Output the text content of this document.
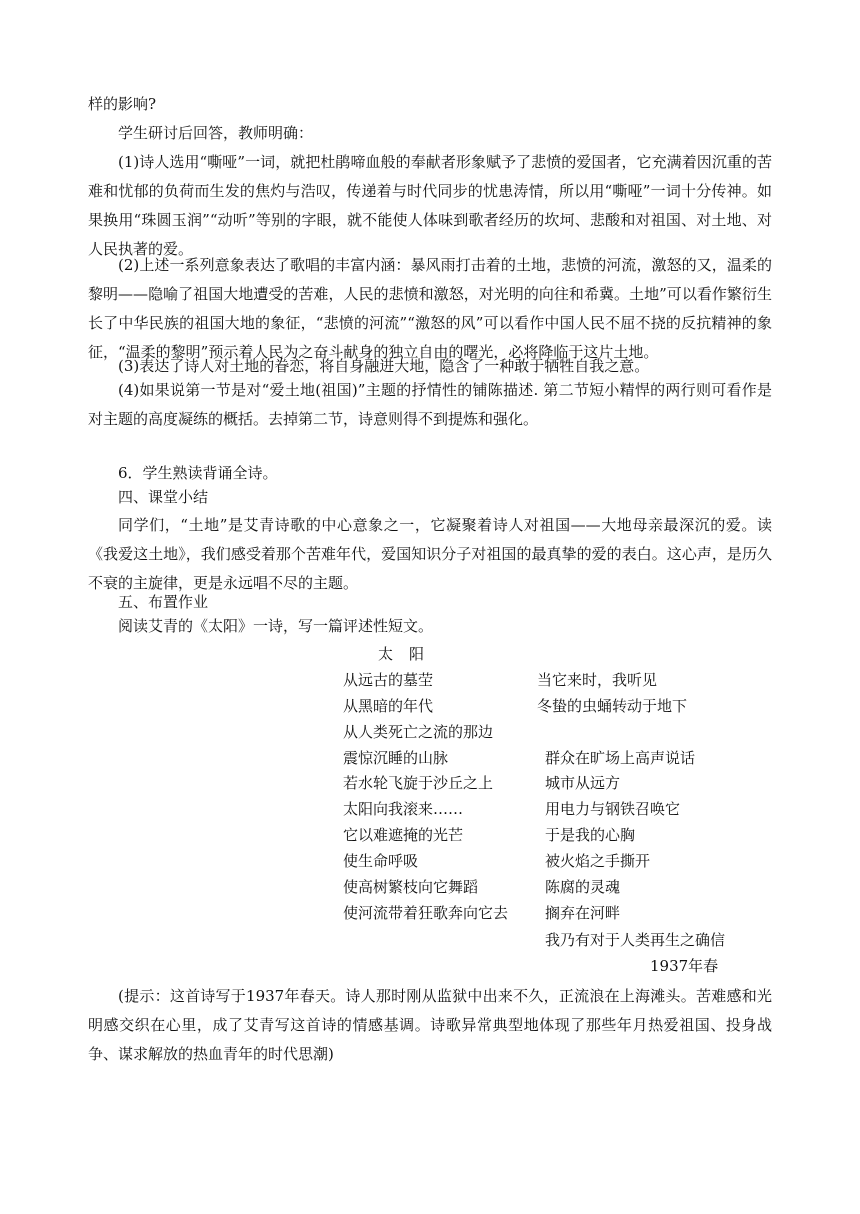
样的影响?

学生研讨后回答，教师明确：

(1)诗人选用“嘶哑”一词，就把杜鹃啼血般的奉献者形象赋予了悲愤的爱国者，它充满着因沉重的苦难和忧郁的负荷而生发的焦灼与浩叹，传递着与时代同步的忧患涛情，所以用“嘶哑”一词十分传神。如果换用“珠圆玉润”“动听”等别的字眼，就不能使人体味到歌者经历的坎坷、悲酸和对祖国、对土地、对人民执著的爱。

(2)上述一系列意象表达了歌唱的丰富内涵：暴风雨打击着的土地，悲愤的河流，激怒的又，温柔的黎明——隐喻了祖国大地遭受的苦难，人民的悲愤和激怒，对光明的向往和希冀。土地”可以看作繁衍生长了中华民族的祖国大地的象征，“悲愤的河流”“激怒的风”可以看作中国人民不屈不挠的反抗精神的象征，“温柔的黎明”预示着人民为之奋斗献身的独立自由的曙光，必将降临于这片土地。

(3)表达了诗人对土地的眷恋，将自身融进大地，隐含了一种敢于牺牲自我之意。

(4)如果说第一节是对“爱土地(祖国)”主题的抒情性的铺陈描述. 第二节短小精悍的两行则可看作是对主题的高度凝练的概括。去掉第二节，诗意则得不到提炼和强化。

6．学生熟读背诵全诗。

四、课堂小结

同学们，“土地”是艾青诗歌的中心意象之一，它凝聚着诗人对祖国——大地母亲最深沉的爱。读《我爱这土地》，我们感受着那个苦难年代，爱国知识分子对祖国的最真挚的爱的表白。这心声，是历久不衰的主旋律，更是永远唱不尽的主题。

五、布置作业

阅读艾青的《太阳》一诗，写一篇评述性短文。

太阳
从远古的墓茔
从黑暗的年代
从人类死亡之流的那边
震惊沉睡的山脉
若水轮飞旋于沙丘之上
太阳向我滚来……
它以难遮掩的光芒
使生命呼吸
使高树繁枝向它舞蹈
使河流带着狂歌奔向它去
当它来时，我听见
冬蛰的虫蛹转动于地下
群众在旷场上高声说话
城市从远方
用电力与钢铁召唤它
于是我的心胸
被火焰之手撕开
陈腐的灵魂
搁弃在河畔
我乃有对于人类再生之确信
1937年春

(提示：这首诗写于1937年春天。诗人那时刚从监狱中出来不久，正流浪在上海滩头。苦难感和光明感交织在心里，成了艾青写这首诗的情感基调。诗歌异常典型地体现了那些年月热爱祖国、投身战争、谋求解放的热血青年的时代思潮)
